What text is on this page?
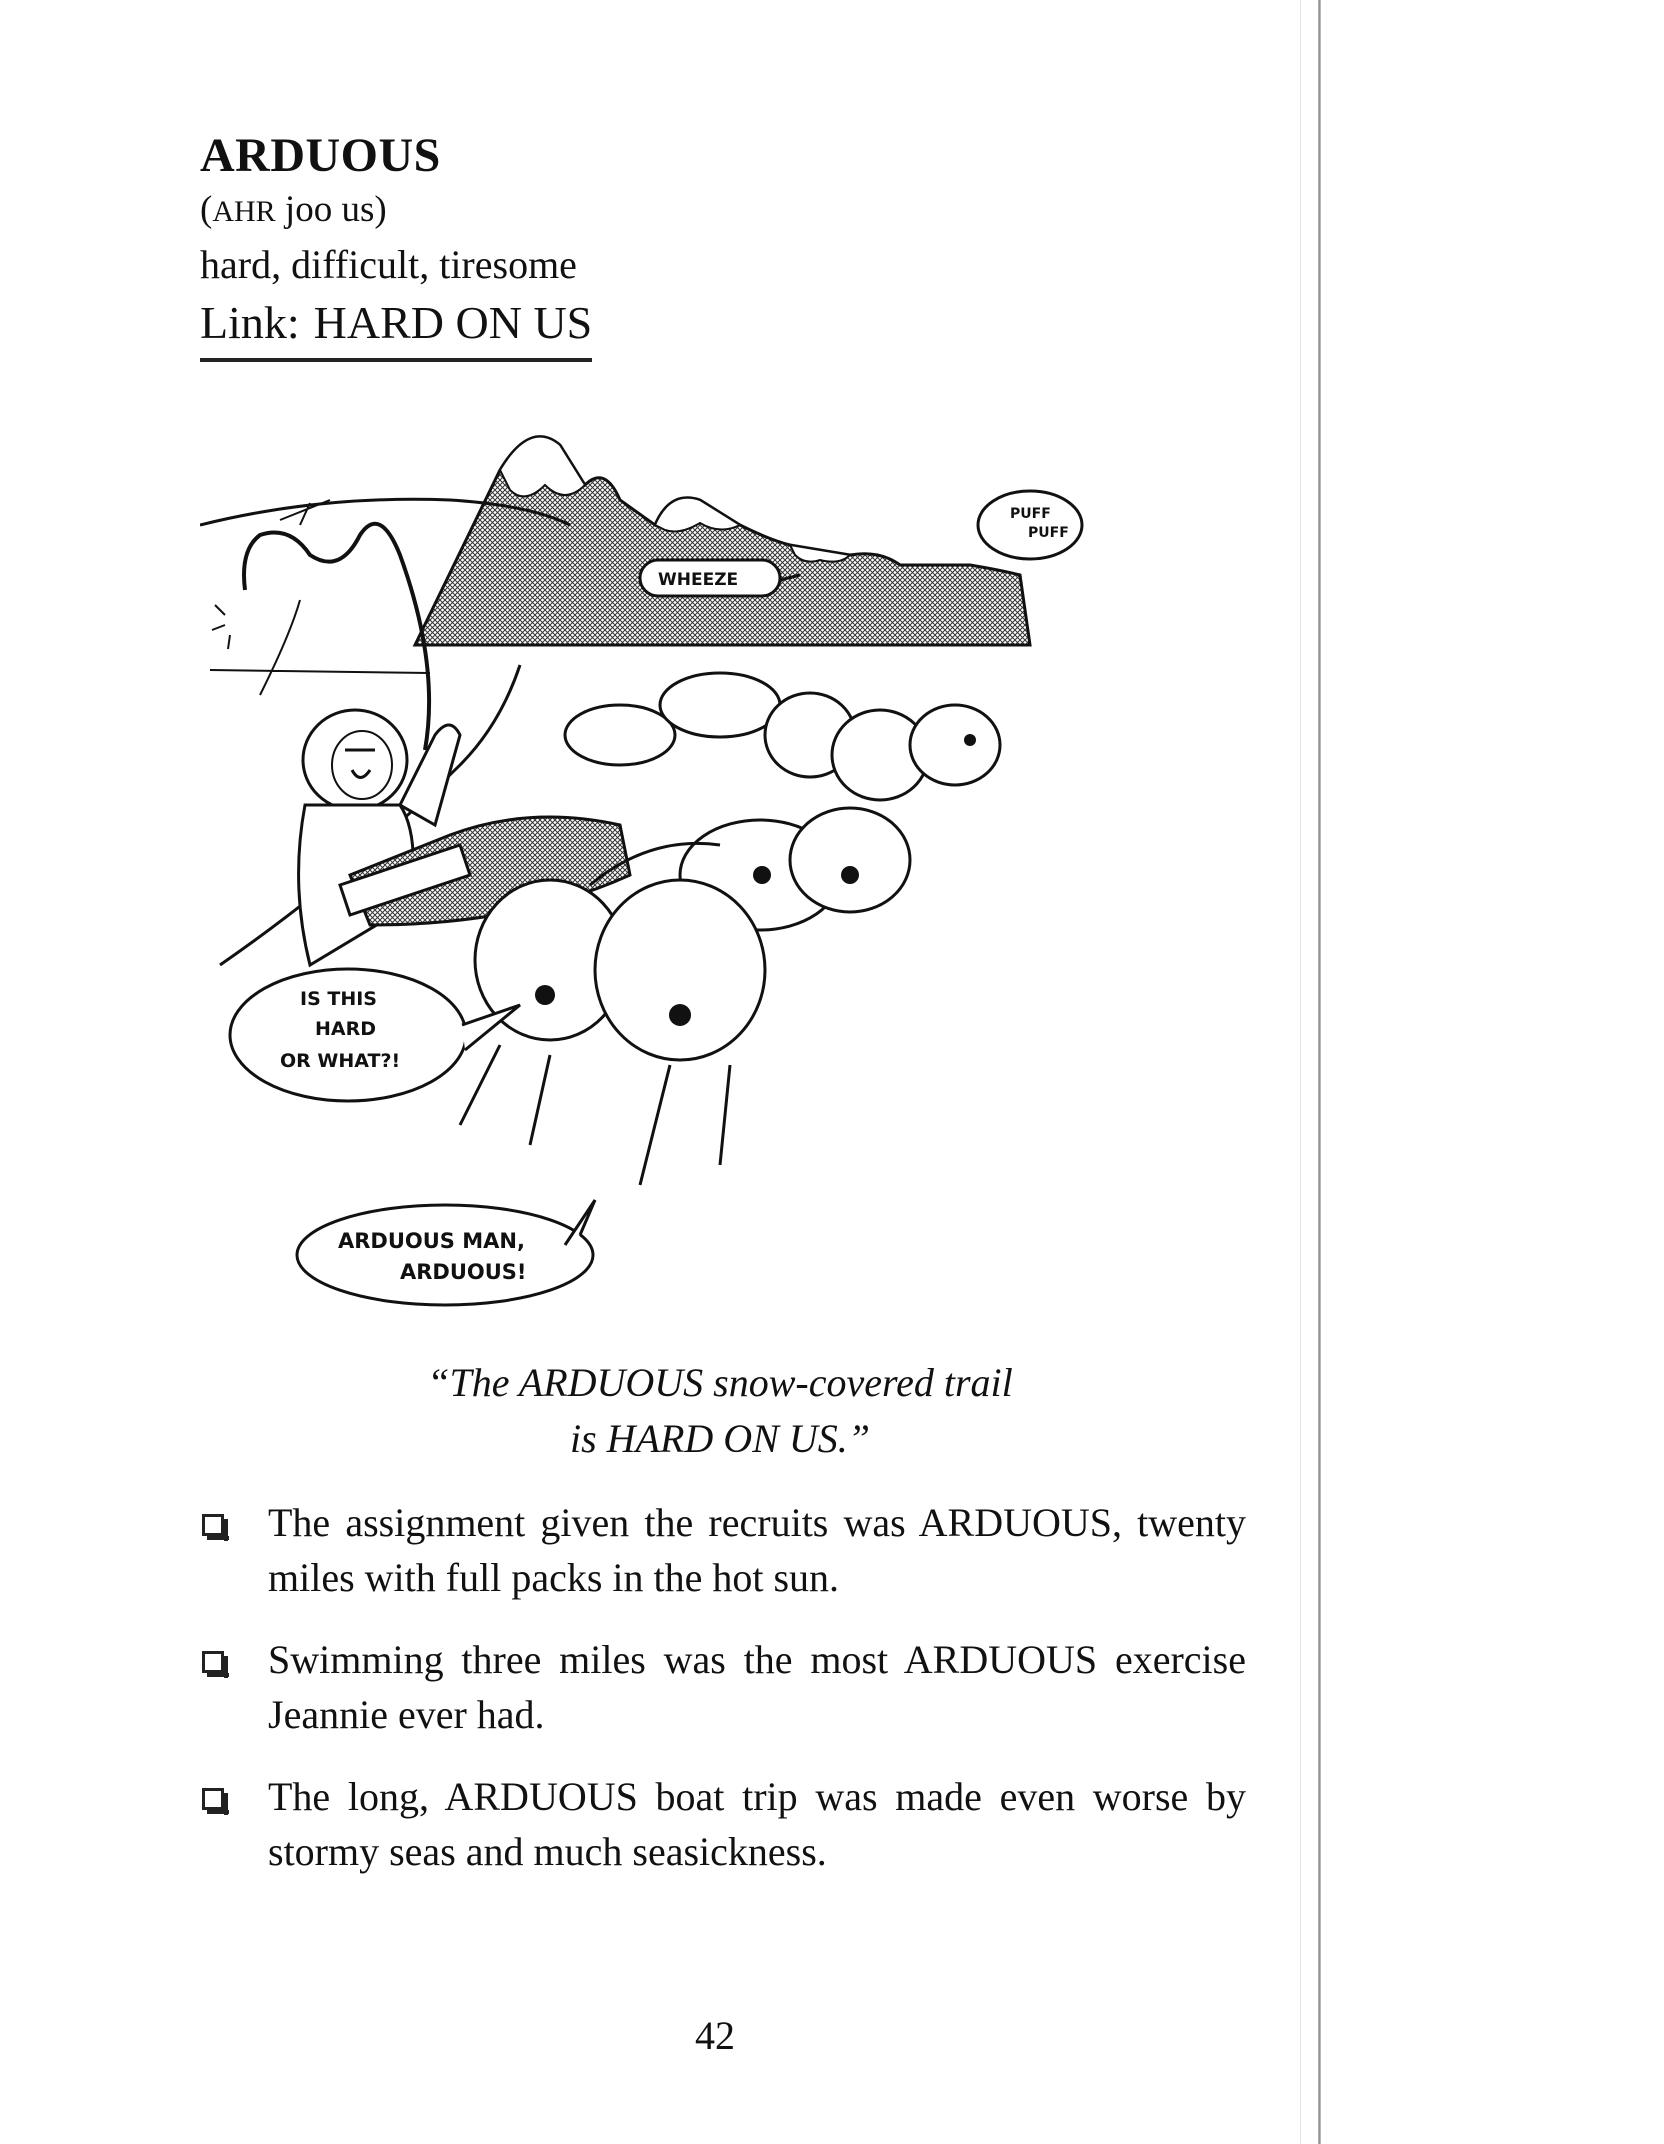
ARDUOUS
(AHR joo us)
hard, difficult, tiresome
Link: HARD ON US
PUFF
PUFF
WHEEZE
IS THIS
HARD
OR WHAT?!
ARDUOUS MAN,
ARDUOUS!
“The ARDUOUS snow-covered trail
is HARD ON US.”
The assignment given the recruits was ARDUOUS, twenty miles with full packs in the hot sun.
Swimming three miles was the most ARDUOUS exercise Jeannie ever had.
The long, ARDUOUS boat trip was made even worse by stormy seas and much seasickness.
42
